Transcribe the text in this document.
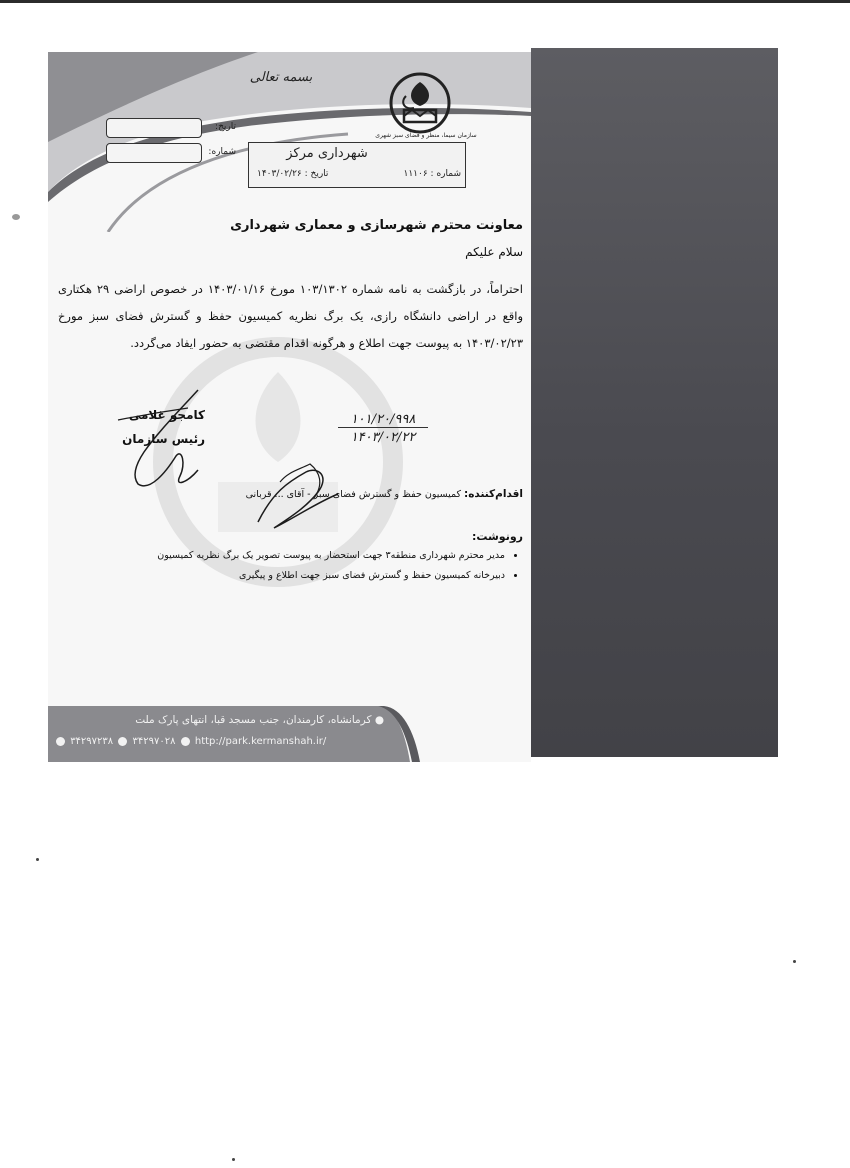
بسمه تعالی
سازمان سیما، منظر و فضای سبز شهری
تاریخ:
شماره:	شهرداری مرکز
شماره : ۱۱۱۰۶
تاریخ : ۱۴۰۳/۰۲/۲۶
معاونت محترم شهرسازی و معماری شهرداری
سلام علیکم
احتراماً، در بازگشت به نامه شماره ۱۰۳/۱۳۰۲ مورخ ۱۴۰۳/۰۱/۱۶ در خصوص اراضی ۲۹ هکتاری واقع در اراضی دانشگاه رازی، یک برگ نظریه کمیسیون حفظ و گسترش فضای سبز مورخ ۱۴۰۳/۰۲/۲۳ به پیوست جهت اطلاع و هرگونه اقدام مقتضی به حضور ایفاد می‌گردد.
کامجو غلامی
رئیس سازمان
۱۰۱/۲۰/۹۹۸
۱۴۰۳/۰۲/۲۲
اقدام‌کننده: کمیسیون حفظ و گسترش فضای سبز - آقای ... قربانی
رونوشت:
• مدیر محترم شهرداری منطقه۳ جهت استحضار به پیوست تصویر یک برگ نظریه کمیسیون
• دبیرخانه کمیسیون حفظ و گسترش فضای سبز جهت اطلاع و پیگیری
● کرمانشاه، کارمندان، جنب مسجد قبا، انتهای پارک ملت
۳۴۲۹۷۲۳۸ ۳۴۲۹۷۰۲۸ http://park.kermanshah.ir/
